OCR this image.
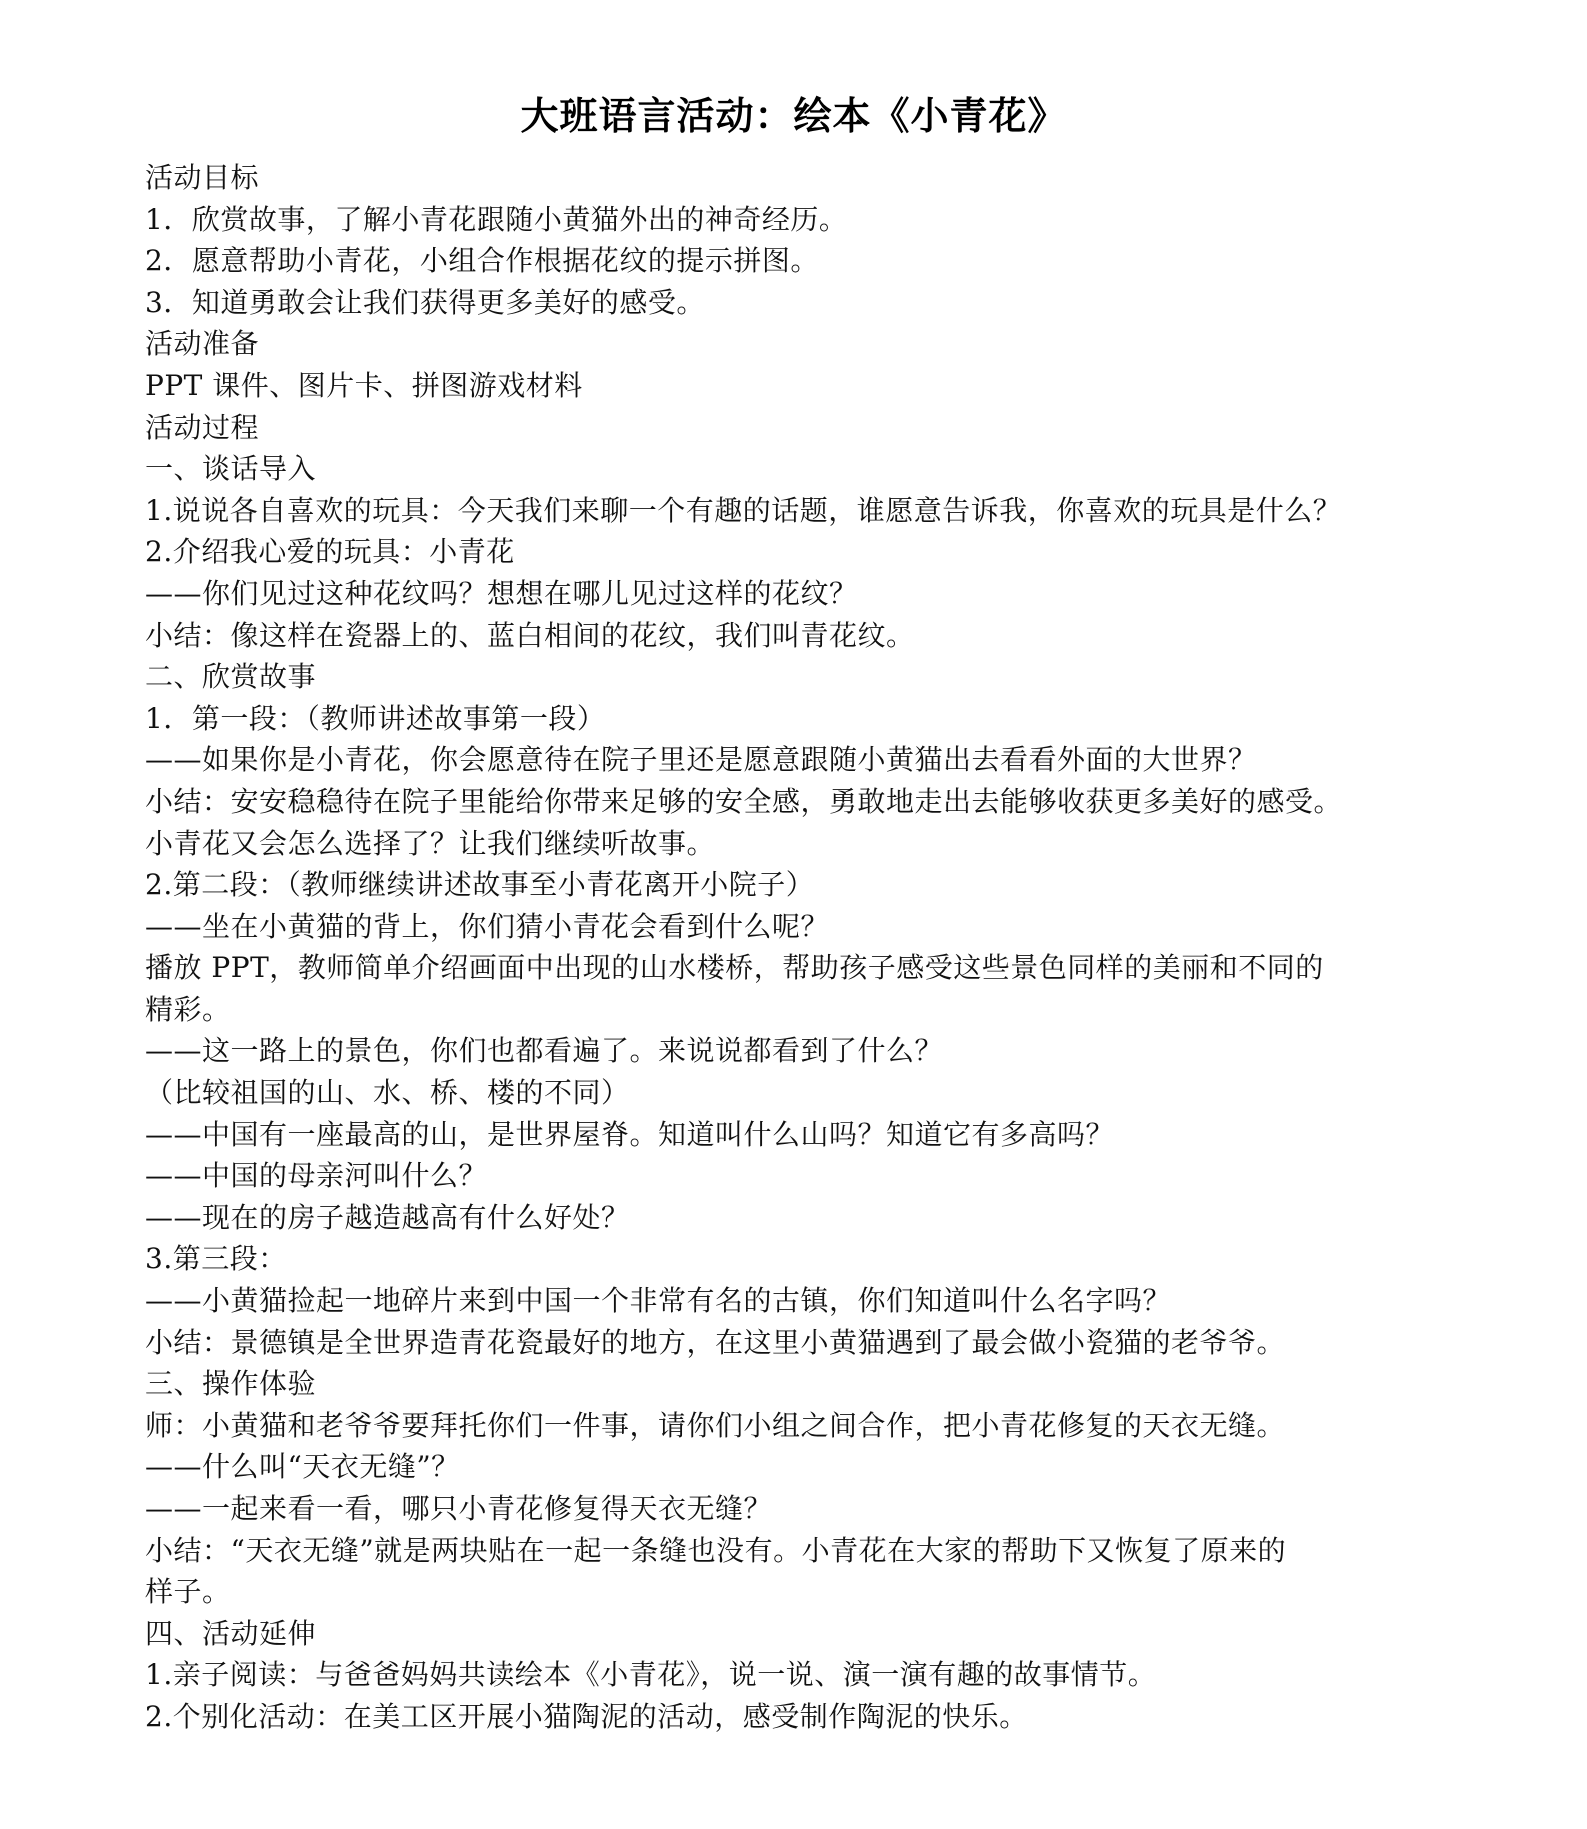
大班语言活动：绘本《小青花》
活动目标
1．欣赏故事，了解小青花跟随小黄猫外出的神奇经历。
2．愿意帮助小青花，小组合作根据花纹的提示拼图。
3．知道勇敢会让我们获得更多美好的感受。
活动准备
PPT 课件、图片卡、拼图游戏材料
活动过程
一、谈话导入
1.说说各自喜欢的玩具：今天我们来聊一个有趣的话题，谁愿意告诉我，你喜欢的玩具是什么？
2.介绍我心爱的玩具：小青花
——你们见过这种花纹吗？想想在哪儿见过这样的花纹？
小结：像这样在瓷器上的、蓝白相间的花纹，我们叫青花纹。
二、欣赏故事
1．第一段：（教师讲述故事第一段）
——如果你是小青花，你会愿意待在院子里还是愿意跟随小黄猫出去看看外面的大世界？
小结：安安稳稳待在院子里能给你带来足够的安全感，勇敢地走出去能够收获更多美好的感受。
小青花又会怎么选择了？让我们继续听故事。
2.第二段：（教师继续讲述故事至小青花离开小院子）
——坐在小黄猫的背上，你们猜小青花会看到什么呢？
播放 PPT，教师简单介绍画面中出现的山水楼桥，帮助孩子感受这些景色同样的美丽和不同的
精彩。
——这一路上的景色，你们也都看遍了。来说说都看到了什么？
（比较祖国的山、水、桥、楼的不同）
——中国有一座最高的山，是世界屋脊。知道叫什么山吗？知道它有多高吗？
——中国的母亲河叫什么？
——现在的房子越造越高有什么好处？
3.第三段：
——小黄猫捡起一地碎片来到中国一个非常有名的古镇，你们知道叫什么名字吗？
小结：景德镇是全世界造青花瓷最好的地方，在这里小黄猫遇到了最会做小瓷猫的老爷爷。
三、操作体验
师：小黄猫和老爷爷要拜托你们一件事，请你们小组之间合作，把小青花修复的天衣无缝。
——什么叫“天衣无缝”？
——一起来看一看，哪只小青花修复得天衣无缝？
小结：“天衣无缝”就是两块贴在一起一条缝也没有。小青花在大家的帮助下又恢复了原来的
样子。
四、活动延伸
1.亲子阅读：与爸爸妈妈共读绘本《小青花》，说一说、演一演有趣的故事情节。
2.个别化活动：在美工区开展小猫陶泥的活动，感受制作陶泥的快乐。
